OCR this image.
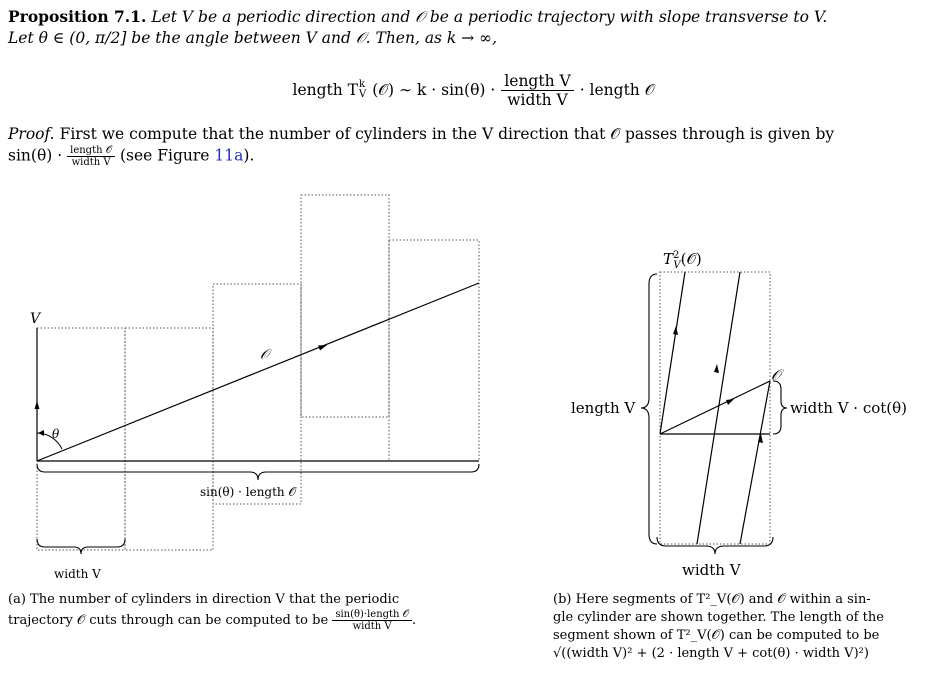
Proposition 7.1. Let V be a periodic direction and 𝒪 be a periodic trajectory with slope transverse to V.
Let θ ∈ (0, π/2] be the angle between V and 𝒪. Then, as k → ∞,
length T k
V (𝒪) ∼ $k \cdot \sin(\theta) \cdot \frac{\text{length V}}{\text{width V}}$ · length 𝒪
Proof. First we compute that the number of cylinders in the V direction that 𝒪 passes through is given by
$\sin(\theta) \cdot \frac{\text{length 𝒪}}{\text{width V}} (see$ Figure 11a).
V
𝒪
θ
sin(θ) · length 𝒪
width V
(a) The number of cylinders in direction V that the periodic
trajectory 𝒪 cuts through can be computed to be $\frac{\text{sin(θ)·length 𝒪}}{\text{width V}}$ .
length V
width V
$T^2$ V(𝒪)
𝒪
width V · cot(θ)
(b) Here segments of T²_V(𝒪) and 𝒪 within a sin-
gle cylinder are shown together. The length of the
segment shown of T²_V(𝒪) can be computed to be
√((width V)² + (2 · length V + cot(θ) · width V)²)
